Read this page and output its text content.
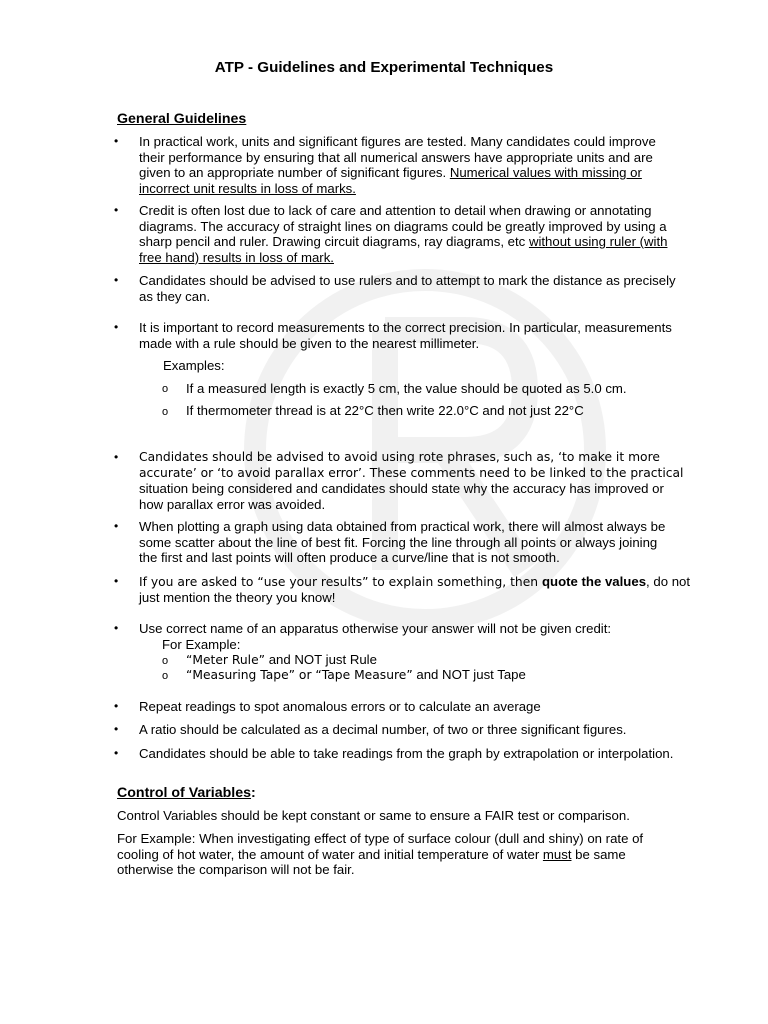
ATP - Guidelines and Experimental Techniques
General Guidelines
• In practical work, units and significant figures are tested. Many candidates could improve
their performance by ensuring that all numerical answers have appropriate units and are
given to an appropriate number of significant figures. Numerical values with missing or
incorrect unit results in loss of marks.
• Credit is often lost due to lack of care and attention to detail when drawing or annotating
diagrams. The accuracy of straight lines on diagrams could be greatly improved by using a
sharp pencil and ruler. Drawing circuit diagrams, ray diagrams, etc without using ruler (with
free hand) results in loss of mark.
• Candidates should be advised to use rulers and to attempt to mark the distance as precisely
as they can.
• It is important to record measurements to the correct precision. In particular, measurements
made with a rule should be given to the nearest millimeter.
Examples:
o If a measured length is exactly 5 cm, the value should be quoted as 5.0 cm.
o If thermometer thread is at 22°C then write 22.0°C and not just 22°C
• Candidates should be advised to avoid using rote phrases, such as, ‘to make it more
accurate’ or ‘to avoid parallax error’. These comments need to be linked to the practical
situation being considered and candidates should state why the accuracy has improved or
how parallax error was avoided.
• When plotting a graph using data obtained from practical work, there will almost always be
some scatter about the line of best fit. Forcing the line through all points or always joining
the first and last points will often produce a curve/line that is not smooth.
• If you are asked to “use your results” to explain something, then quote the values, do not
just mention the theory you know!
• Use correct name of an apparatus otherwise your answer will not be given credit:
For Example:
o “Meter Rule” and NOT just Rule
o “Measuring Tape” or “Tape Measure” and NOT just Tape
• Repeat readings to spot anomalous errors or to calculate an average
• A ratio should be calculated as a decimal number, of two or three significant figures.
• Candidates should be able to take readings from the graph by extrapolation or interpolation.
Control of Variables:
Control Variables should be kept constant or same to ensure a FAIR test or comparison.
For Example: When investigating effect of type of surface colour (dull and shiny) on rate of
cooling of hot water, the amount of water and initial temperature of water must be same
otherwise the comparison will not be fair.
